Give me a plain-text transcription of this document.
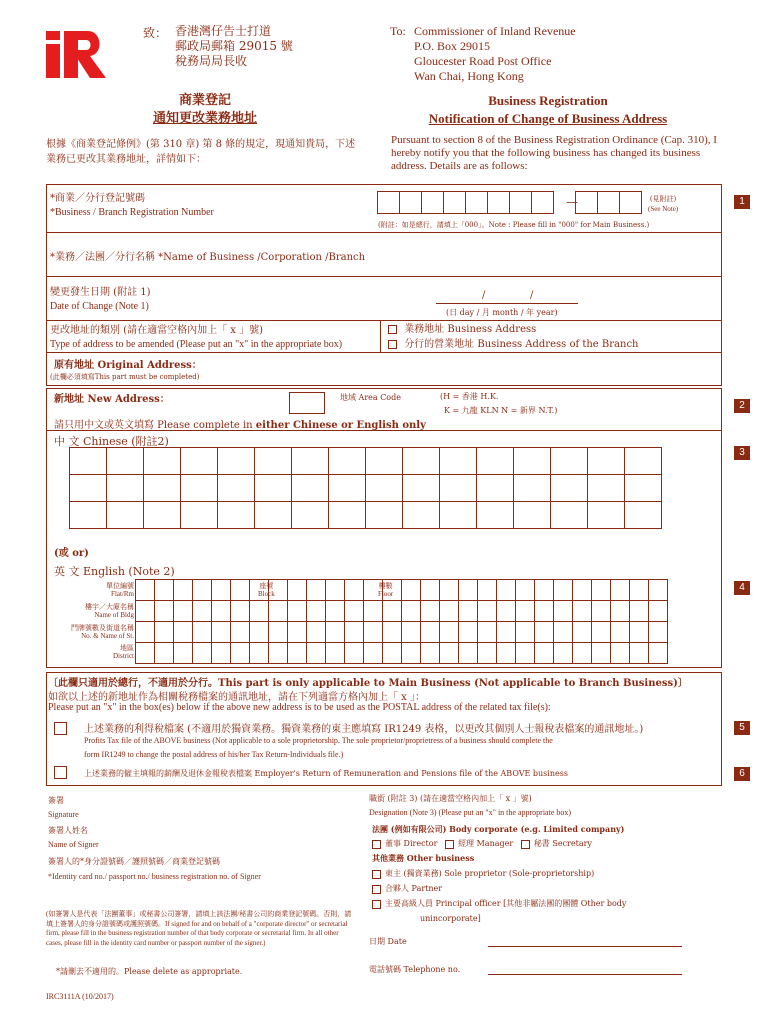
致： 香港灣仔告士打道
郵政局郵箱 29015 號
稅務局局長收
To: Commissioner of Inland Revenue
P.O. Box 29015
Gloucester Road Post Office
Wan Chai, Hong Kong
商業登記
通知更改業務地址
Business Registration
Notification of Change of Business Address
根據《商業登記條例》(第 310 章) 第 8 條的規定，現通知貴局，下述業務已更改其業務地址，詳情如下：
Pursuant to section 8 of the Business Registration Ordinance (Cap. 310), I hereby notify you that the following business has changed its business address. Details are as follows:
*商業／分行登記號碼
*Business / Branch Registration Number
—	(見附註)
(See Note)
(附註：如是總行，請填上「000」。Note : Please fill in "000" for Main Business.)
*業務／法團／分行名稱 *Name of Business /Corporation /Branch
變更發生日期 (附註 1)
Date of Change (Note 1)
/	/
(日 day / 月 month / 年 year)
更改地址的類別 (請在適當空格內加上「 x 」號)
Type of address to be amended (Please put an "x" in the appropriate box)
業務地址 Business Address
分行的營業地址 Business Address of the Branch
原有地址 Original Address：
(此欄必須填寫This part must be completed)
新地址 New Address：	地域 Area Code	(H = 香港 H.K.
K = 九龍 KLN N = 新界 N.T.)
請只用中文或英文填寫 Please complete in either Chinese or English only
中 文 Chinese (附註2)
(或 or)
英 文 English (Note 2)
單位編號
Flat/Rm
座號
Block
樓數
Floor
樓宇／大廈名稱
Name of Bldg
門牌號數及街道名稱
No. & Name of St.
地區
District
〔此欄只適用於總行，不適用於分行。This part is only applicable to Main Business (Not applicable to Branch Business)〕
如欲以上述的新地址作為相關稅務檔案的通訊地址，請在下列適當方格內加上「 x 」：
Please put an "x" in the box(es) below if the above new address is to be used as the POSTAL address of the related tax file(s):
上述業務的利得稅檔案 (不適用於獨資業務。獨資業務的東主應填寫 IR1249 表格，以更改其個別人士報稅表檔案的通訊地址。)
Profits Tax file of the ABOVE business (Not applicable to a sole proprietorship. The sole proprietor/proprietress of a business should complete the
form IR1249 to change the postal address of his/her Tax Return-Individuals file.)
上述業務的僱主填報的薪酬及退休金報稅表檔案 Employer's Return of Remuneration and Pensions file of the ABOVE business
簽署
Signature
簽署人姓名
Name of Signer
簽署人的*身分證號碼／護照號碼／商業登記號碼
*Identity card no./ passport no./ business registration no. of Signer
(如簽署人是代表「法團董事」或秘書公司簽署，請填上該法團/秘書公司的商業登記號碼。否則，請填上簽署人的身分證號碼或護照號碼。If signed for and on behalf of a "corporate director" or secretarial firm, please fill in the business registration number of that body corporate or secretarial firm. In all other cases, please fill in the identity card number or passport number of the signer.)
*請刪去不適用的。Please delete as appropriate.
職銜 (附註 3) (請在適當空格內加上「 x 」號)
Designation (Note 3) (Please put an "x" in the appropriate box)
法團 (例如有限公司) Body corporate (e.g. Limited company)
董事 Director	經理 Manager	秘書 Secretary
其他業務 Other business
東主 (獨資業務) Sole proprietor (Sole-proprietorship)
合夥人 Partner
主要高級人員 Principal officer [其他非屬法團的團體 Other body
unincorporate]
日期 Date
電話號碼 Telephone no.
IRC3111A (10/2017)
1
2
3
4
5
6
